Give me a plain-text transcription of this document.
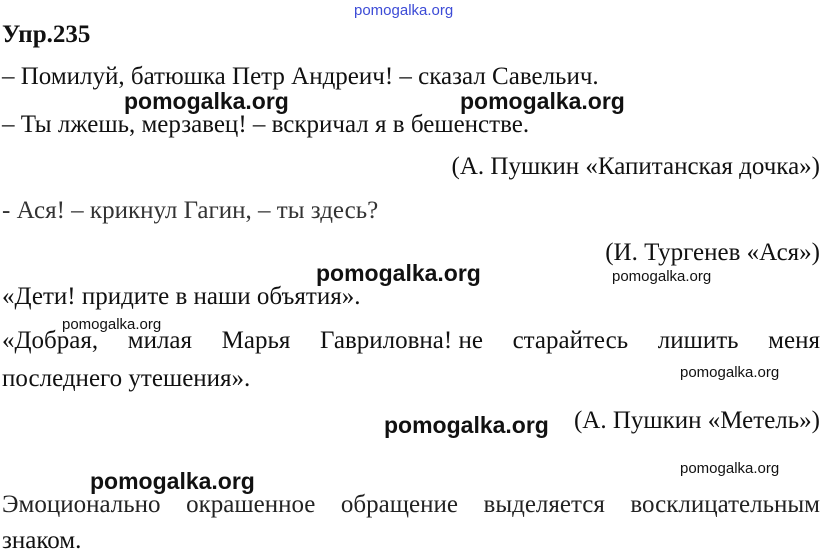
Упр.235
– Помилуй, батюшка Петр Андреич! – сказал Савельич.
– Ты лжешь, мерзавец! – вскричал я в бешенстве.
(А. Пушкин «Капитанская дочка»)
- Ася! – крикнул Гагин, – ты здесь?
(И. Тургенев «Ася»)
«Дети! придите в наши объятия».
«Добрая, милая Марья Гавриловна! не старайтесь лишить меня
последнего утешения».
(А. Пушкин «Метель»)
Эмоционально окрашенное обращение выделяется восклицательным
знаком.
pomogalka.org
pomogalka.org	pomogalka.org
pomogalka.org	pomogalka.org
pomogalka.org
pomogalka.org
pomogalka.org
pomogalka.org
pomogalka.org
